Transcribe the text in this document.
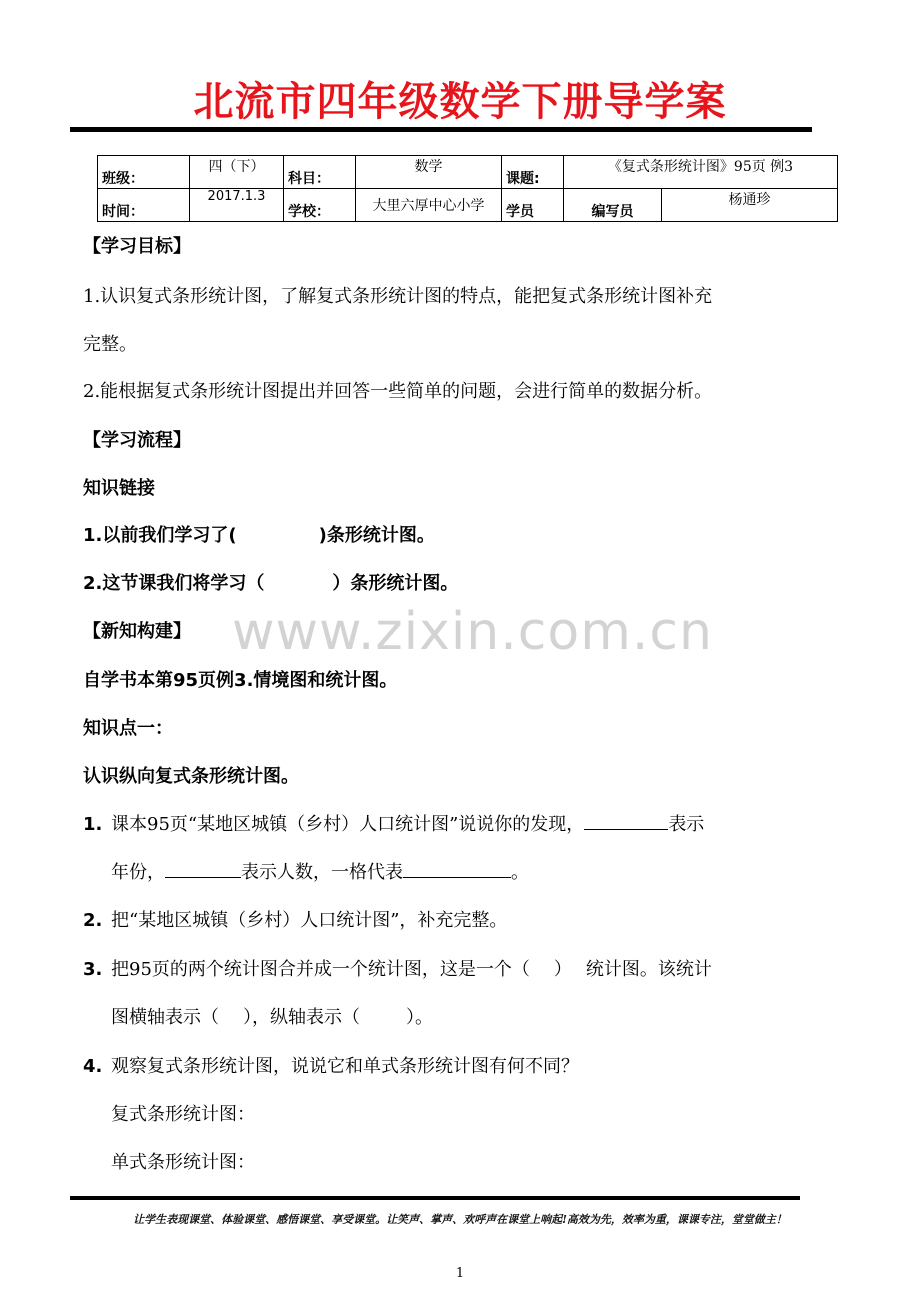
北流市四年级数学下册导学案
班级：	四（下）	科目：	数学	课题:	《复式条形统计图》95页 例3	
时间：	2017.1.3	学校：	大里六厚中心小学	学员	编写员	杨通珍
【学习目标】
1.认识复式条形统计图，了解复式条形统计图的特点，能把复式条形统计图补充
完整。
2.能根据复式条形统计图提出并回答一些简单的问题，会进行简单的数据分析。
【学习流程】
知识链接
1.以前我们学习了(	)条形统计图。
2.这节课我们将学习（	）条形统计图。
【新知构建】 www.zixin.com.cn
自学书本第95页例3.情境图和统计图。
知识点一：
认识纵向复式条形统计图。
1. 课本95页“某地区城镇（乡村）人口统计图”说说你的发现，	表示
年份，	表示人数，一格代表	。
2. 把“某地区城镇（乡村）人口统计图”，补充完整。
3. 把95页的两个统计图合并成一个统计图，这是一个（ ） 统计图。该统计
图横轴表示（ ），纵轴表示（	）。
4. 观察复式条形统计图，说说它和单式条形统计图有何不同？
复式条形统计图：
单式条形统计图：
让学生表现课堂、体验课堂、感悟课堂、享受课堂。让笑声、掌声、欢呼声在课堂上响起!高效为先，效率为重，课课专注，堂堂做主！
1
